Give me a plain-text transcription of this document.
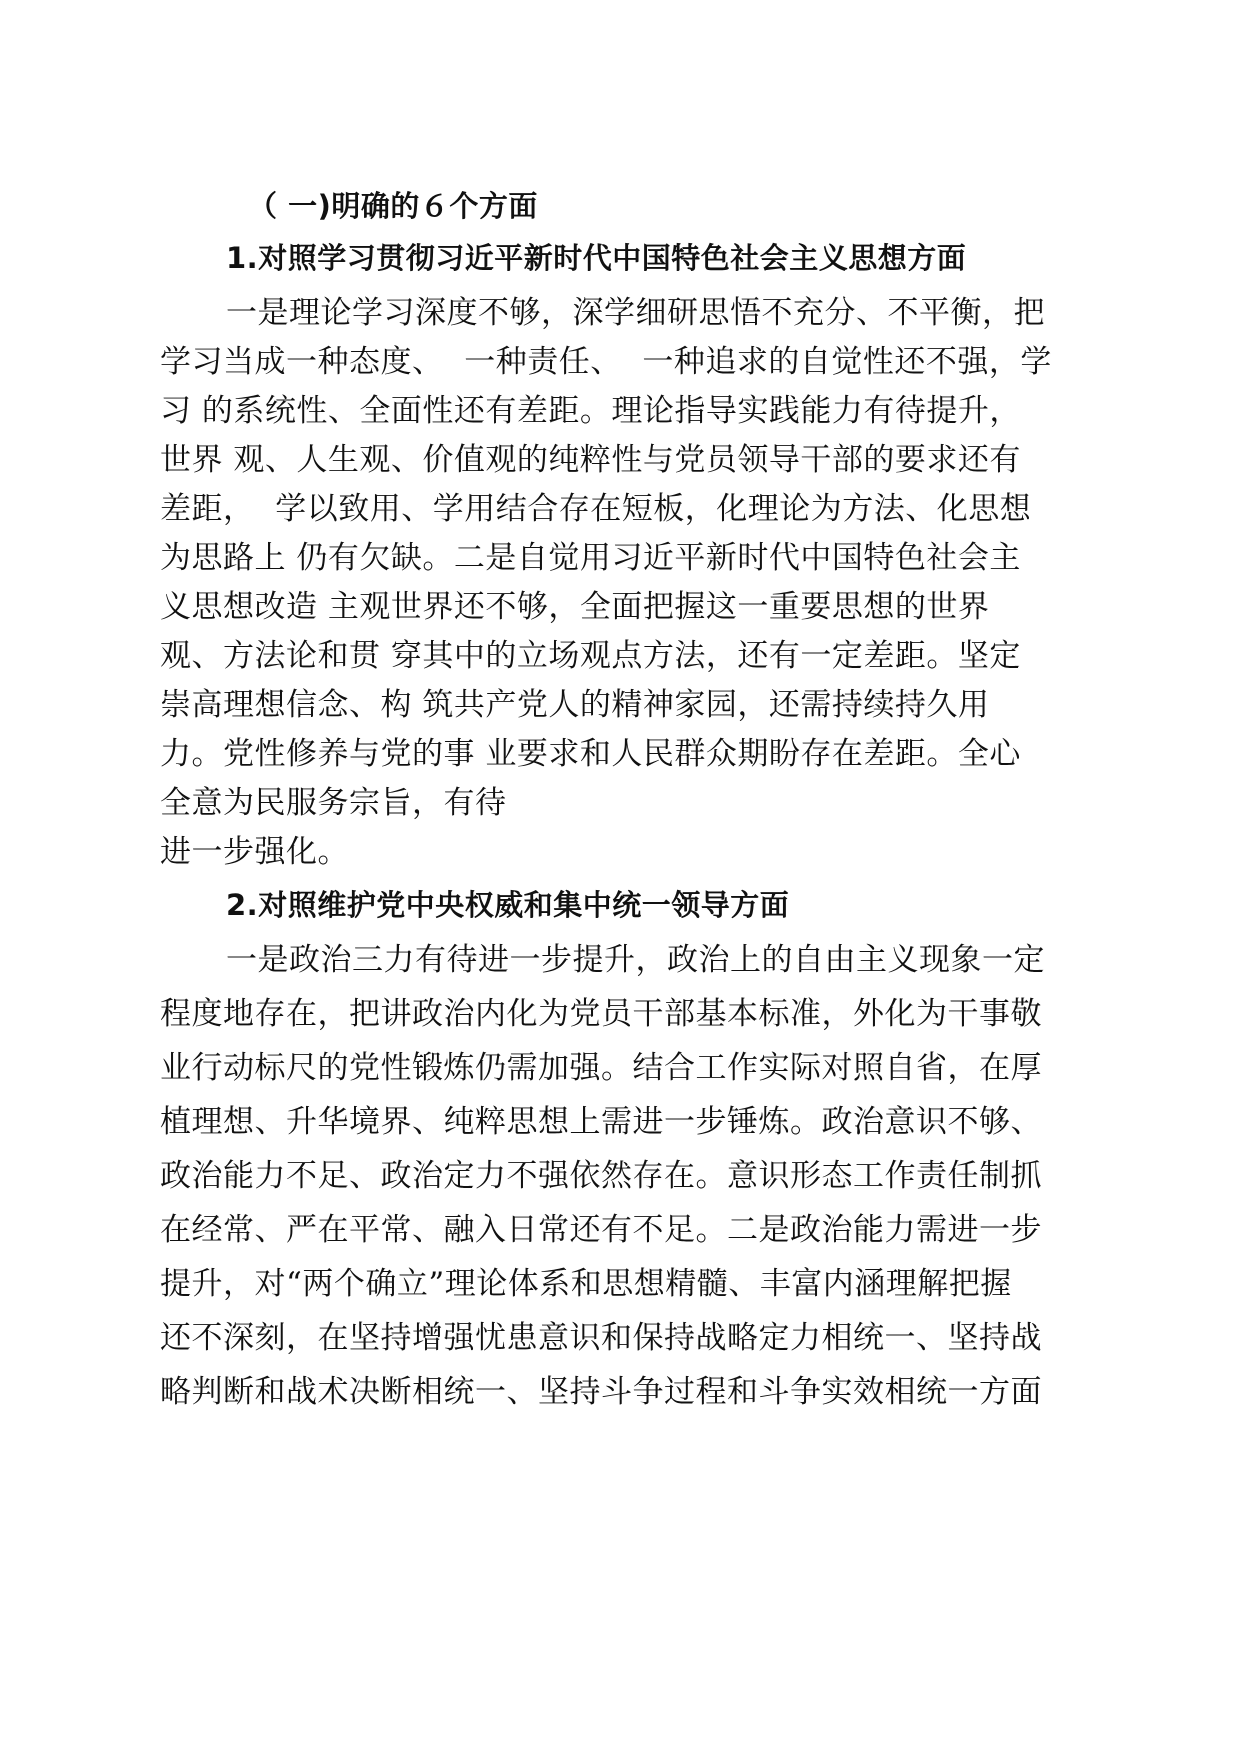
（ 一)明确的６个方面
1.对照学习贯彻习近平新时代中国特色社会主义思想方面
一是理论学习深度不够，深学细研思悟不充分、不平衡，把
学习当成一种态度、  一种责任、  一种追求的自觉性还不强，学
习 的系统性、全面性还有差距。理论指导实践能力有待提升，
世界 观、人生观、价值观的纯粹性与党员领导干部的要求还有
差距，  学以致用、学用结合存在短板，化理论为方法、化思想
为思路上 仍有欠缺。二是自觉用习近平新时代中国特色社会主
义思想改造 主观世界还不够，全面把握这一重要思想的世界
观、方法论和贯 穿其中的立场观点方法，还有一定差距。坚定
崇高理想信念、构 筑共产党人的精神家园，还需持续持久用
力。党性修养与党的事 业要求和人民群众期盼存在差距。全心
全意为民服务宗旨，有待
进一步强化。
2.对照维护党中央权威和集中统一领导方面
一是政治三力有待进一步提升，政治上的自由主义现象一定
程度地存在，把讲政治内化为党员干部基本标准，外化为干事敬
业行动标尺的党性锻炼仍需加强。结合工作实际对照自省，在厚
植理想、升华境界、纯粹思想上需进一步锤炼。政治意识不够、
政治能力不足、政治定力不强依然存在。意识形态工作责任制抓
在经常、严在平常、融入日常还有不足。二是政治能力需进一步
提升，对“两个确立”理论体系和思想精髓、丰富内涵理解把握
还不深刻，在坚持增强忧患意识和保持战略定力相统一、坚持战
略判断和战术决断相统一、坚持斗争过程和斗争实效相统一方面
